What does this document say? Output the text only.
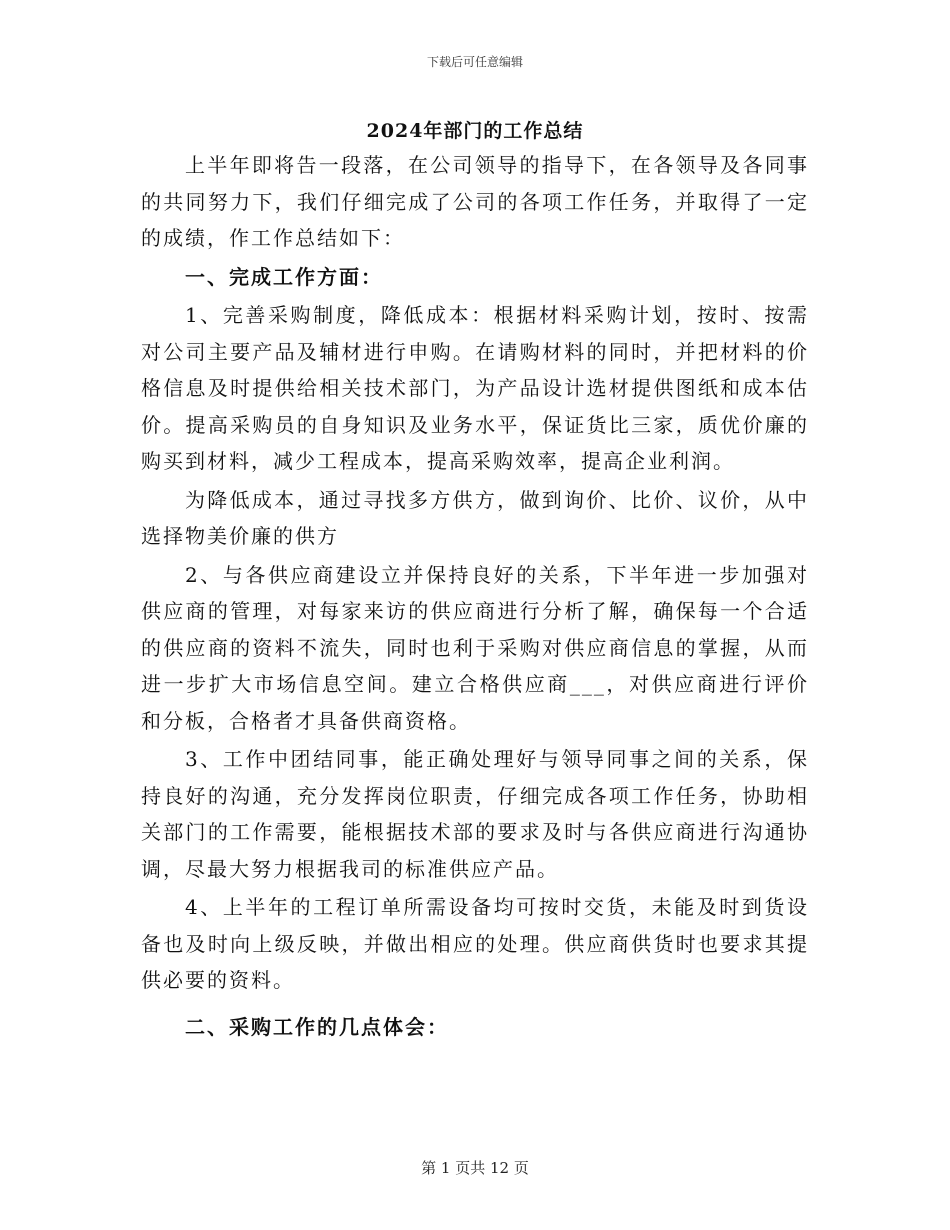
下载后可任意编辑
2024年部门的工作总结

上半年即将告一段落，在公司领导的指导下，在各领导及各同事的共同努力下，我们仔细完成了公司的各项工作任务，并取得了一定的成绩，作工作总结如下：

一、完成工作方面：

1、完善采购制度，降低成本：根据材料采购计划，按时、按需对公司主要产品及辅材进行申购。在请购材料的同时，并把材料的价格信息及时提供给相关技术部门，为产品设计选材提供图纸和成本估价。提高采购员的自身知识及业务水平，保证货比三家，质优价廉的购买到材料，减少工程成本，提高采购效率，提高企业利润。

为降低成本，通过寻找多方供方，做到询价、比价、议价，从中选择物美价廉的供方

2、与各供应商建设立并保持良好的关系，下半年进一步加强对供应商的管理，对每家来访的供应商进行分析了解，确保每一个合适的供应商的资料不流失，同时也利于采购对供应商信息的掌握，从而进一步扩大市场信息空间。建立合格供应商___，对供应商进行评价和分板，合格者才具备供商资格。

3、工作中团结同事，能正确处理好与领导同事之间的关系，保持良好的沟通，充分发挥岗位职责，仔细完成各项工作任务，协助相关部门的工作需要，能根据技术部的要求及时与各供应商进行沟通协调，尽最大努力根据我司的标准供应产品。

4、上半年的工程订单所需设备均可按时交货，未能及时到货设备也及时向上级反映，并做出相应的处理。供应商供货时也要求其提供必要的资料。

二、采购工作的几点体会：

第 1 页共 12 页
